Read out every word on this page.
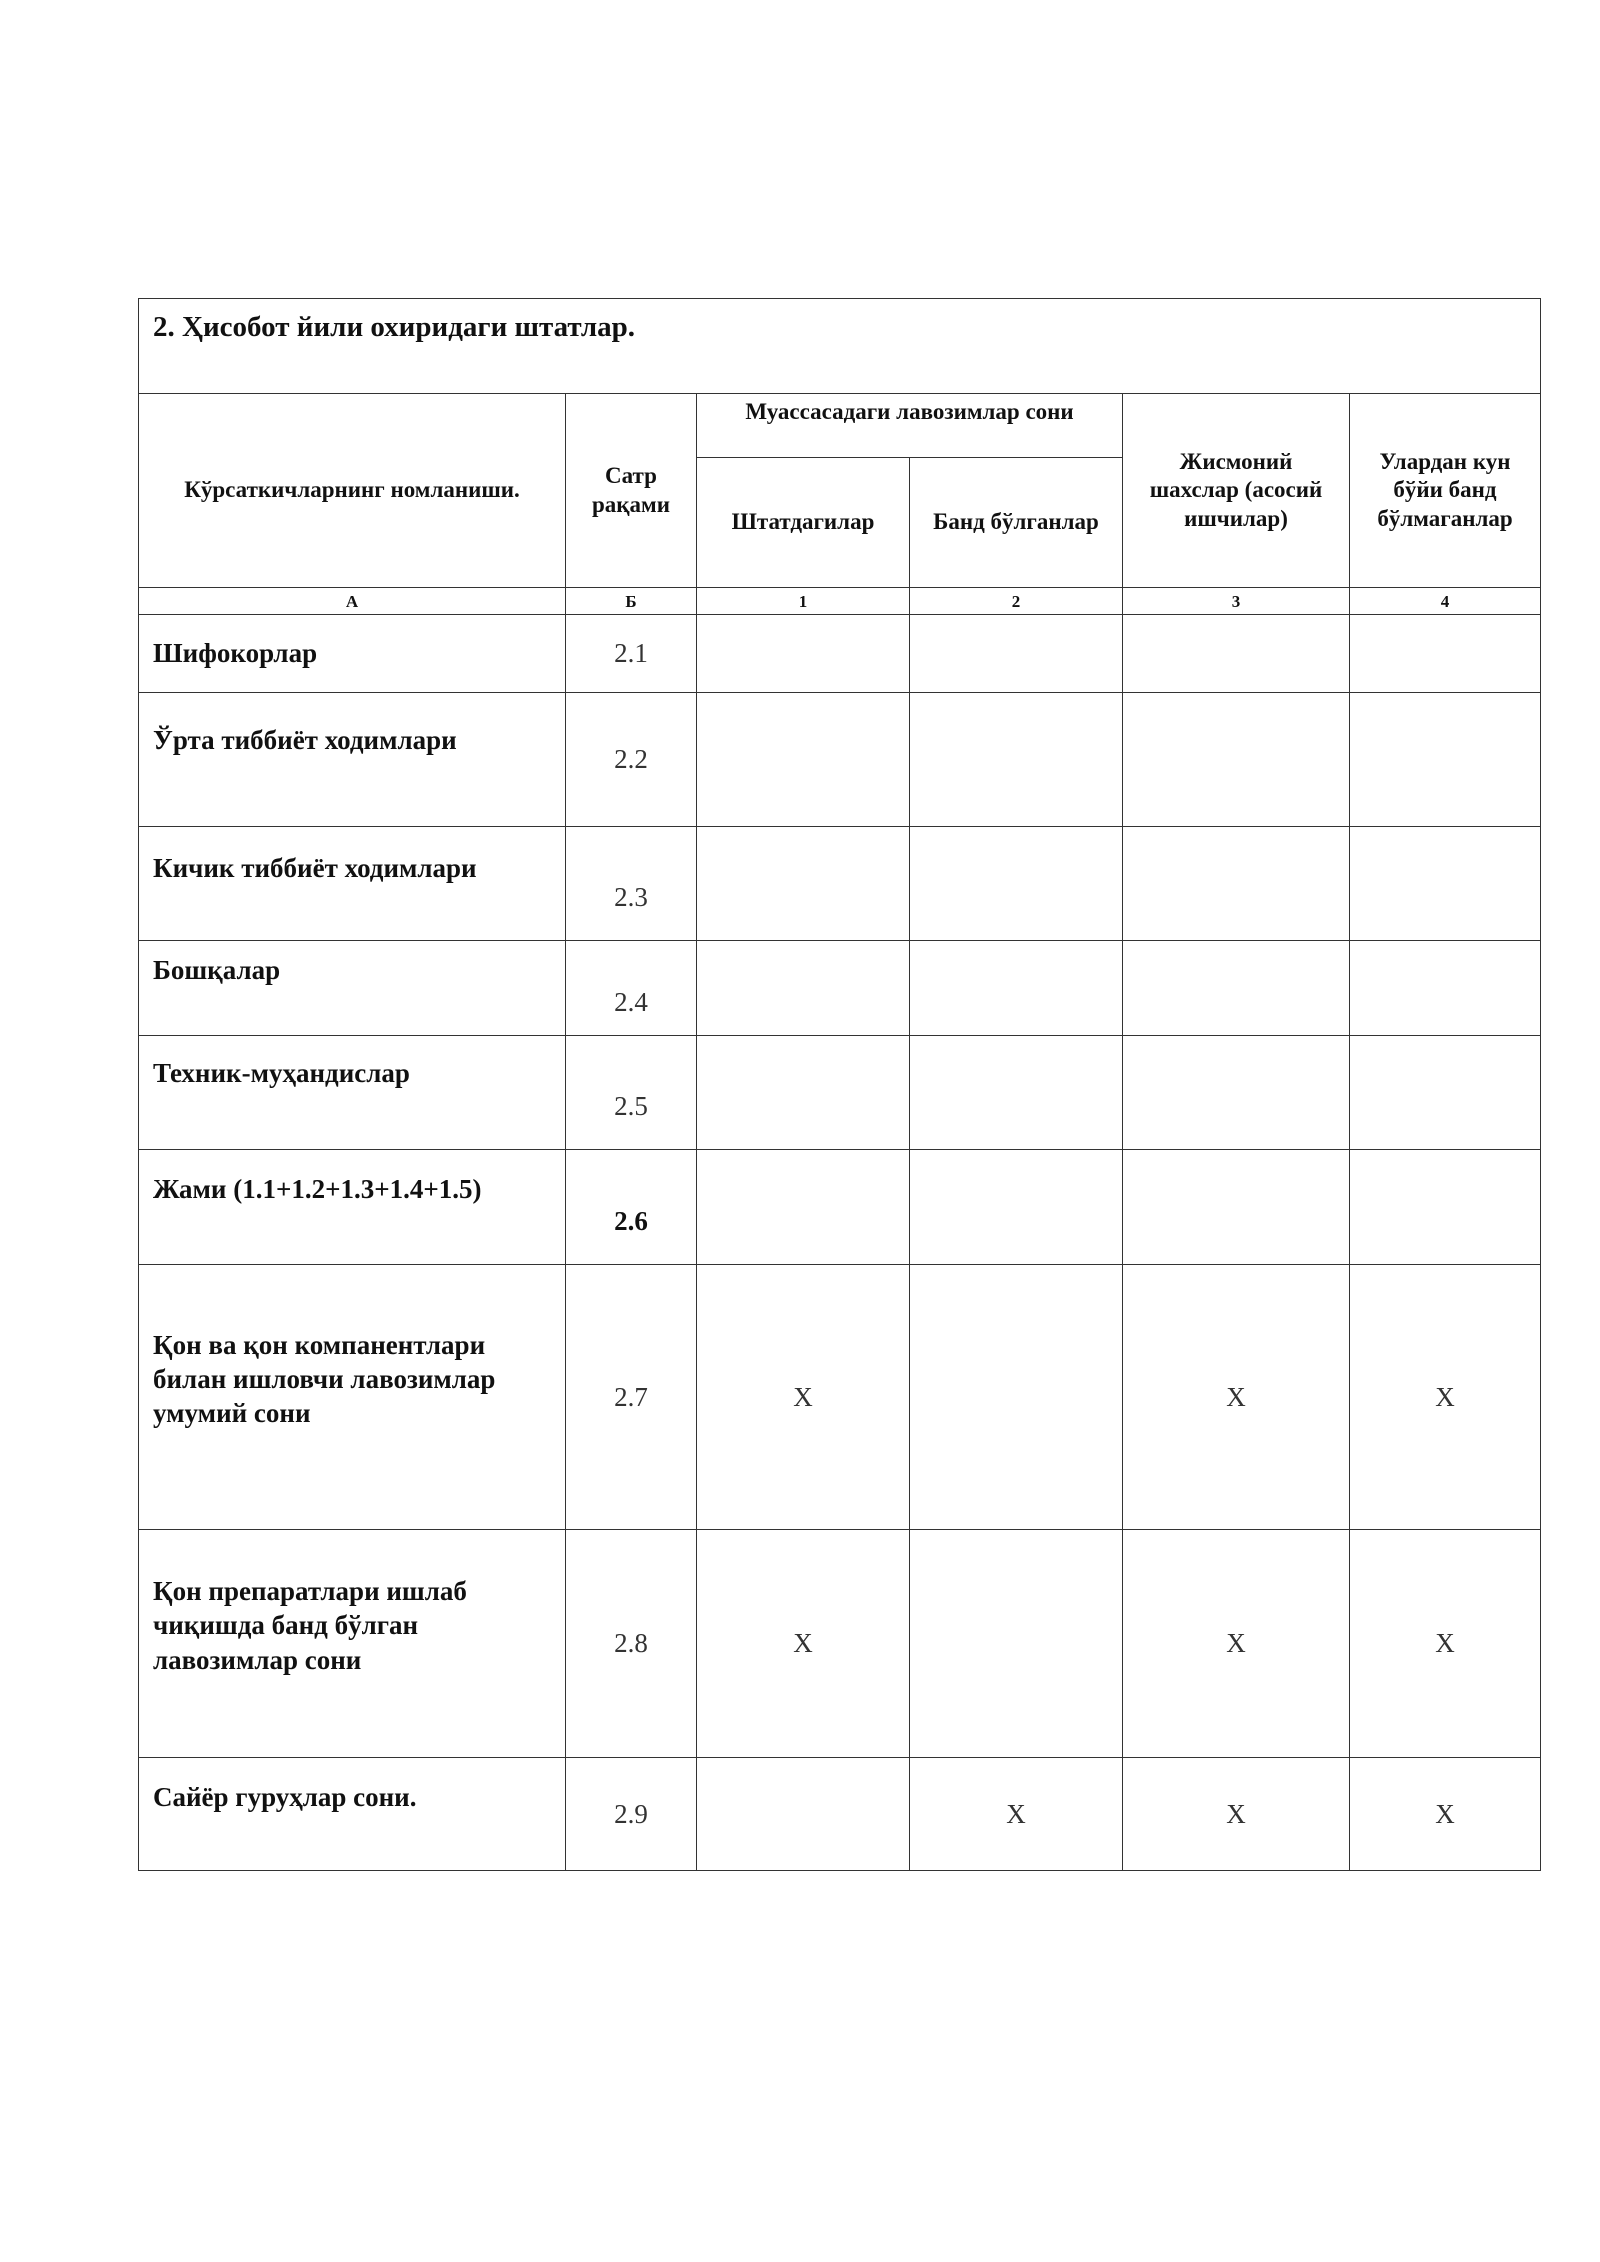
2. Ҳисобот йили охиридаги штатлар.					
Кўрсаткичларнинг номланиши.	Сатр рақами	Муассасадаги лавозимлар сони		Жисмоний шахслар (асосий ишчилар)	Улардан кун бўйи банд бўлмаганлар
		Штатдагилар	Банд бўлганлар		
А	Б	1	2	3	4
Шифокорлар	2.1				
Ўрта тиббиёт ходимлари	2.2				
Кичик тиббиёт ходимлари	2.3				
Бошқалар	2.4				
Техник-муҳандислар	2.5				
Жами (1.1+1.2+1.3+1.4+1.5)	2.6				
Қон ва қон компанентлари билан ишловчи лавозимлар умумий сони	2.7	X		X	X
Қон препаратлари ишлаб чиқишда банд бўлган лавозимлар сони	2.8	X		X	X
Сайёр гуруҳлар сони.	2.9		X	X	X
